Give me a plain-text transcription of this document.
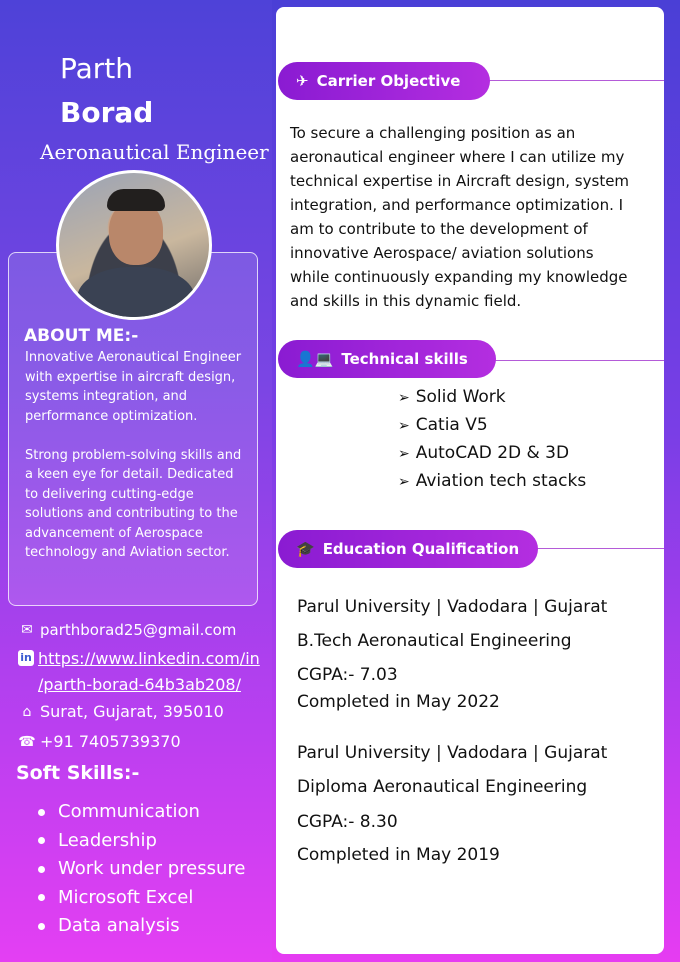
Parth
Borad
Aeronautical Engineer
ABOUT ME:-

Innovative Aeronautical Engineer with expertise in aircraft design, systems integration, and performance optimization.

Strong problem-solving skills and a keen eye for detail. Dedicated to delivering cutting-edge solutions and contributing to the advancement of Aerospace technology and Aviation sector.

✉ parthborad25@gmail.com
in https://www.linkedin.com/in
/parth-borad-64b3ab208/
⌂ Surat, Gujarat, 395010
☎ +91 7405739370
Soft Skills:-
Communication
Leadership
Work under pressure
Microsoft Excel
Data analysis
✈ Carrier Objective
To secure a challenging position as an aeronautical engineer where I can utilize my technical expertise in Aircraft design, system integration, and performance optimization. I am to contribute to the development of innovative Aerospace/ aviation solutions while continuously expanding my knowledge and skills in this dynamic field.
👤💻 Technical skills
➢ Solid Work
➢ Catia V5
➢ AutoCAD 2D & 3D
➢ Aviation tech stacks
🎓 Education Qualification
Parul University | Vadodara | Gujarat
B.Tech Aeronautical Engineering
CGPA:- 7.03
Completed in May 2022
Parul University | Vadodara | Gujarat
Diploma Aeronautical Engineering
CGPA:- 8.30
Completed in May 2019
